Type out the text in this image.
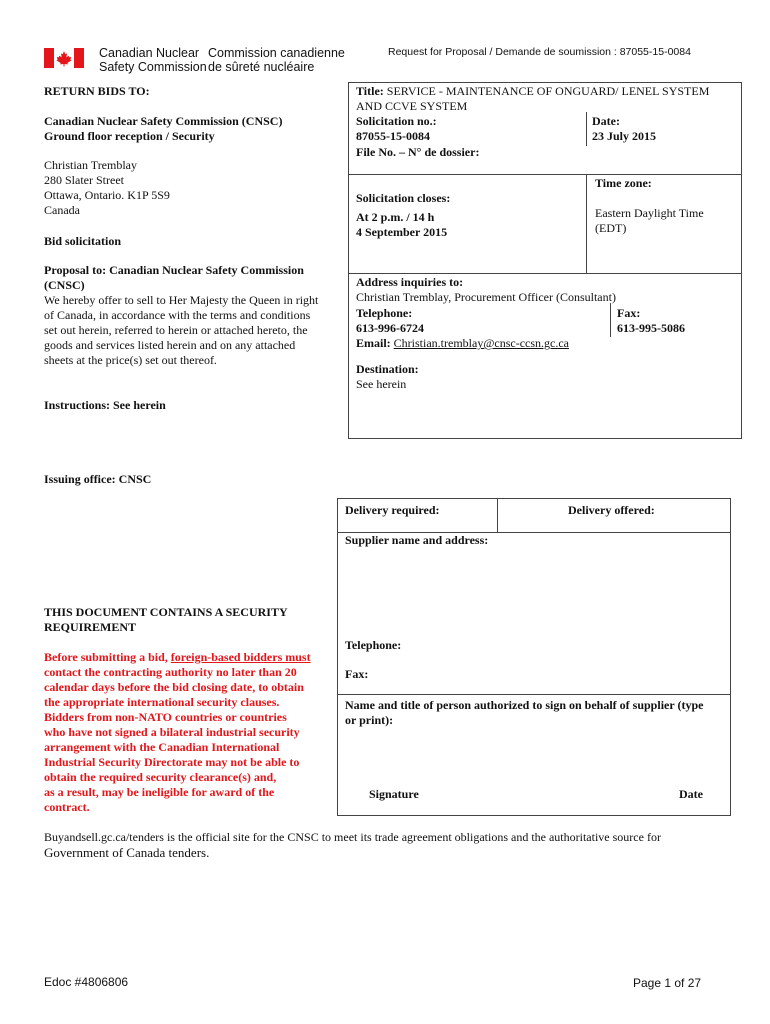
Canadian Nuclear
Safety Commission
Commission canadienne
de sûreté nucléaire
Request for Proposal / Demande de soumission : 87055-15-0084
RETURN BIDS TO:
Canadian Nuclear Safety Commission (CNSC)
Ground floor reception / Security
Christian Tremblay
280 Slater Street
Ottawa, Ontario. K1P 5S9
Canada
Bid solicitation
Proposal to: Canadian Nuclear Safety Commission
(CNSC)
We hereby offer to sell to Her Majesty the Queen in right
of Canada, in accordance with the terms and conditions
set out herein, referred to herein or attached hereto, the
goods and services listed herein and on any attached
sheets at the price(s) set out thereof.
Instructions: See herein
Issuing office: CNSC
THIS DOCUMENT CONTAINS A SECURITY
REQUIREMENT
Before submitting a bid, foreign-based bidders must
contact the contracting authority no later than 20
calendar days before the bid closing date, to obtain
the appropriate international security clauses.
Bidders from non-NATO countries or countries
who have not signed a bilateral industrial security
arrangement with the Canadian International
Industrial Security Directorate may not be able to
obtain the required security clearance(s) and,
as a result, may be ineligible for award of the
contract.
Title: SERVICE - MAINTENANCE OF ONGUARD/ LENEL SYSTEM
AND CCVE SYSTEM
Solicitation no.:
87055-15-0084
Date:
23 July 2015
File No. – N° de dossier:
Solicitation closes:
At 2 p.m. / 14 h
4 September 2015
Time zone:
Eastern Daylight Time
(EDT)
Address inquiries to:
Christian Tremblay, Procurement Officer (Consultant)
Telephone:
613-996-6724
Fax:
613-995-5086
Email: Christian.tremblay@cnsc-ccsn.gc.ca
Destination:
See herein
Delivery required:	Delivery offered:
Supplier name and address:
Telephone:
Fax:
Name and title of person authorized to sign on behalf of supplier (type
or print):
Signature	Date
Buyandsell.gc.ca/tenders is the official site for the CNSC to meet its trade agreement obligations and the authoritative source for
Government of Canada tenders.
Edoc #4806806	Page 1 of 27
